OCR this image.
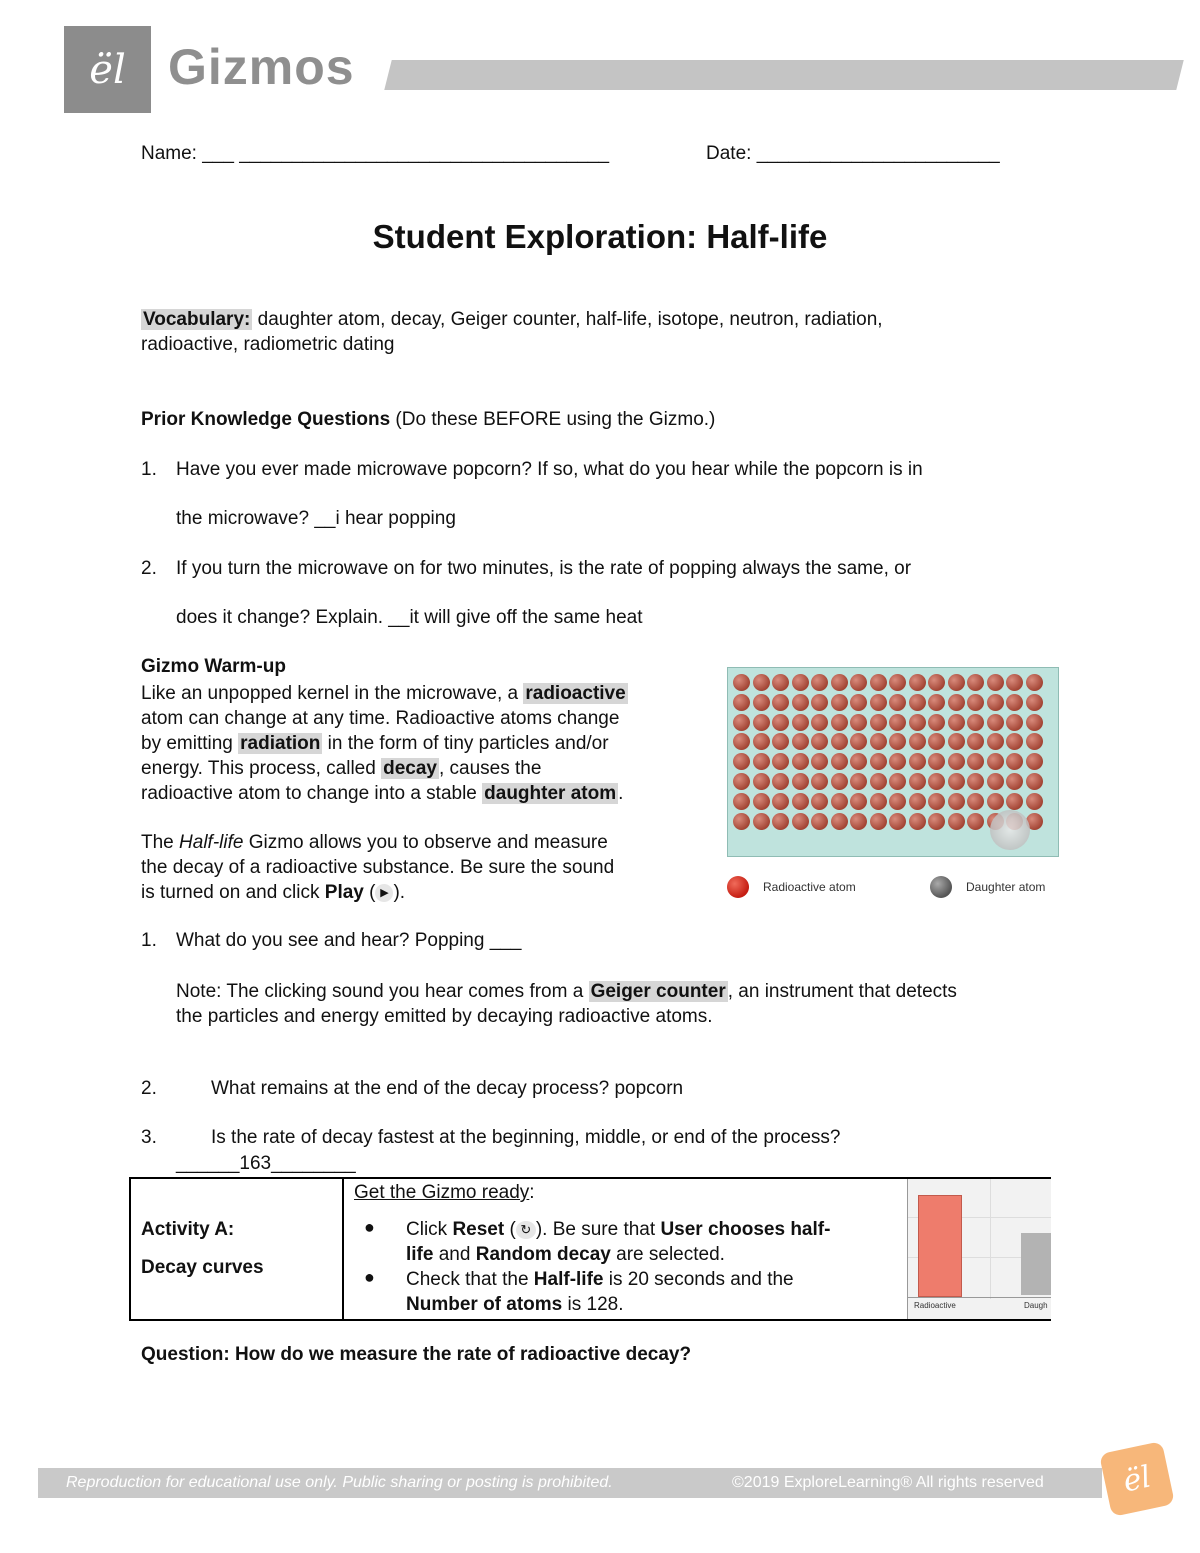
ël Gizmos
Name: ___ ___________________________________	Date: _______________________
Student Exploration: Half-life
Vocabulary: daughter atom, decay, Geiger counter, half-life, isotope, neutron, radiation,
radioactive, radiometric dating
Prior Knowledge Questions (Do these BEFORE using the Gizmo.)
1. Have you ever made microwave popcorn? If so, what do you hear while the popcorn is in
the microwave? __i hear popping
2. If you turn the microwave on for two minutes, is the rate of popping always the same, or
does it change? Explain. __it will give off the same heat
Gizmo Warm-up
Like an unpopped kernel in the microwave, a radioactive
atom can change at any time. Radioactive atoms change
by emitting radiation in the form of tiny particles and/or
energy. This process, called decay , causes the
radioactive atom to change into a stable daughter atom .
The Half-life Gizmo allows you to observe and measure
the decay of a radioactive substance. Be sure the sound
is turned on and click Play ( ▶ ).	Radioactive atom	Daughter atom
1. What do you see and hear? Popping ___
Note: The clicking sound you hear comes from a Geiger counter , an instrument that detects
the particles and energy emitted by decaying radioactive atoms.
2.	What remains at the end of the decay process? popcorn
3.	Is the rate of decay fastest at the beginning, middle, or end of the process?
______163________
Activity A:
Decay curves
Get the Gizmo ready:
● Click Reset ( ↻ ). Be sure that User chooses half-
life and Random decay are selected.
● Check that the Half-life is 20 seconds and the
Number of atoms is 128.	Radioactive	Daugh
Question: How do we measure the rate of radioactive decay?
Reproduction for educational use only. Public sharing or posting is prohibited.	©2019 ExploreLearning® All rights reserved	ël
